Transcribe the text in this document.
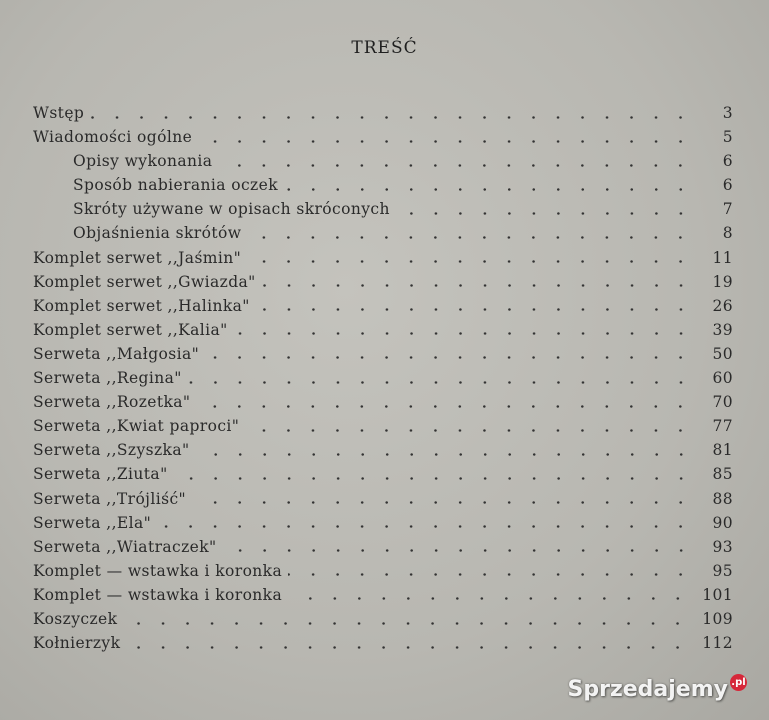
TREŚĆ
Wstęp	3
Wiadomości ogólne	5
Opisy wykonania	6
Sposób nabierania oczek	6
Skróty używane w opisach skróconych	7
Objaśnienia skrótów	8
Komplet serwet ,,Jaśmin"	11
Komplet serwet ,,Gwiazda"	19
Komplet serwet ,,Halinka"	26
Komplet serwet ,,Kalia"	39
Serweta ,,Małgosia"	50
Serweta ,,Regina"	60
Serweta ,,Rozetka"	70
Serweta ,,Kwiat paproci"	77
Serweta ,,Szyszka"	81
Serweta ,,Ziuta"	85
Serweta ,,Trójliść"	88
Serweta ,,Ela"	90
Serweta ,,Wiatraczek"	93
Komplet — wstawka i koronka	95
Komplet — wstawka i koronka	101
Koszyczek	109
Kołnierzyk	112
Sprzedajemy .pl
